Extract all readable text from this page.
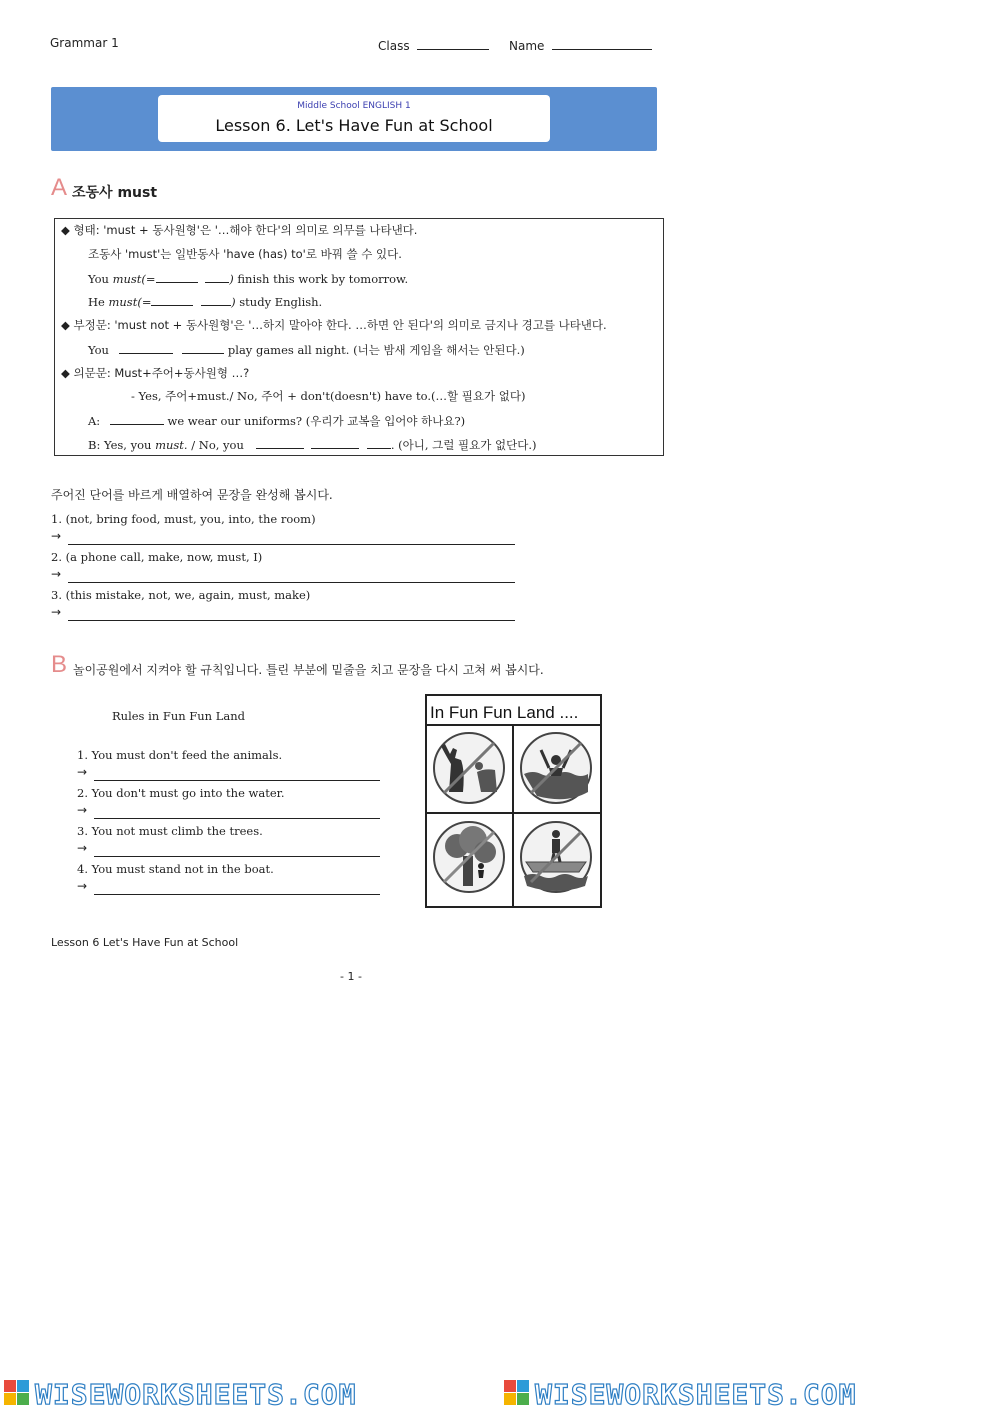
Grammar 1	Class	Name
Middle School ENGLISH 1
Lesson 6. Let's Have Fun at School
A 조동사 must
◆ 형태: 'must + 동사원형'은 '…해야 한다'의 의미로 의무를 나타낸다.
조동사 'must'는 일반동사 'have (has) to'로 바꿔 쓸 수 있다.
You must(=	) finish this work by tomorrow.
He must(=	) study English.
◆ 부정문: 'must not + 동사원형'은 '…하지 말아야 한다. …하면 안 된다'의 의미로 금지나 경고를 나타낸다.
You	play games all night. (너는 밤새 게임을 해서는 안된다.)
◆ 의문문: Must+주어+동사원형 …?
- Yes, 주어+must./ No, 주어 + don't(doesn't) have to.(…할 필요가 없다)
A:	we wear our uniforms? (우리가 교복을 입어야 하나요?)
B: Yes, you must. / No, you	. (아니, 그럴 필요가 없단다.)
주어진 단어를 바르게 배열하여 문장을 완성해 봅시다.
1. (not, bring food, must, you, into, the room)
→
2. (a phone call, make, now, must, I)
→
3. (this mistake, not, we, again, must, make)
→
B 놀이공원에서 지켜야 할 규칙입니다. 틀린 부분에 밑줄을 치고 문장을 다시 고쳐 써 봅시다.
Rules in Fun Fun Land
1. You must don't feed the animals.
→
2. You don't must go into the water.
→
3. You not must climb the trees.
→
4. You must stand not in the boat.
→
In Fun Fun Land ....
Lesson 6 Let's Have Fun at School
- 1 -
WISEWORKSHEETS.COM	WISEWORKSHEETS.COM
